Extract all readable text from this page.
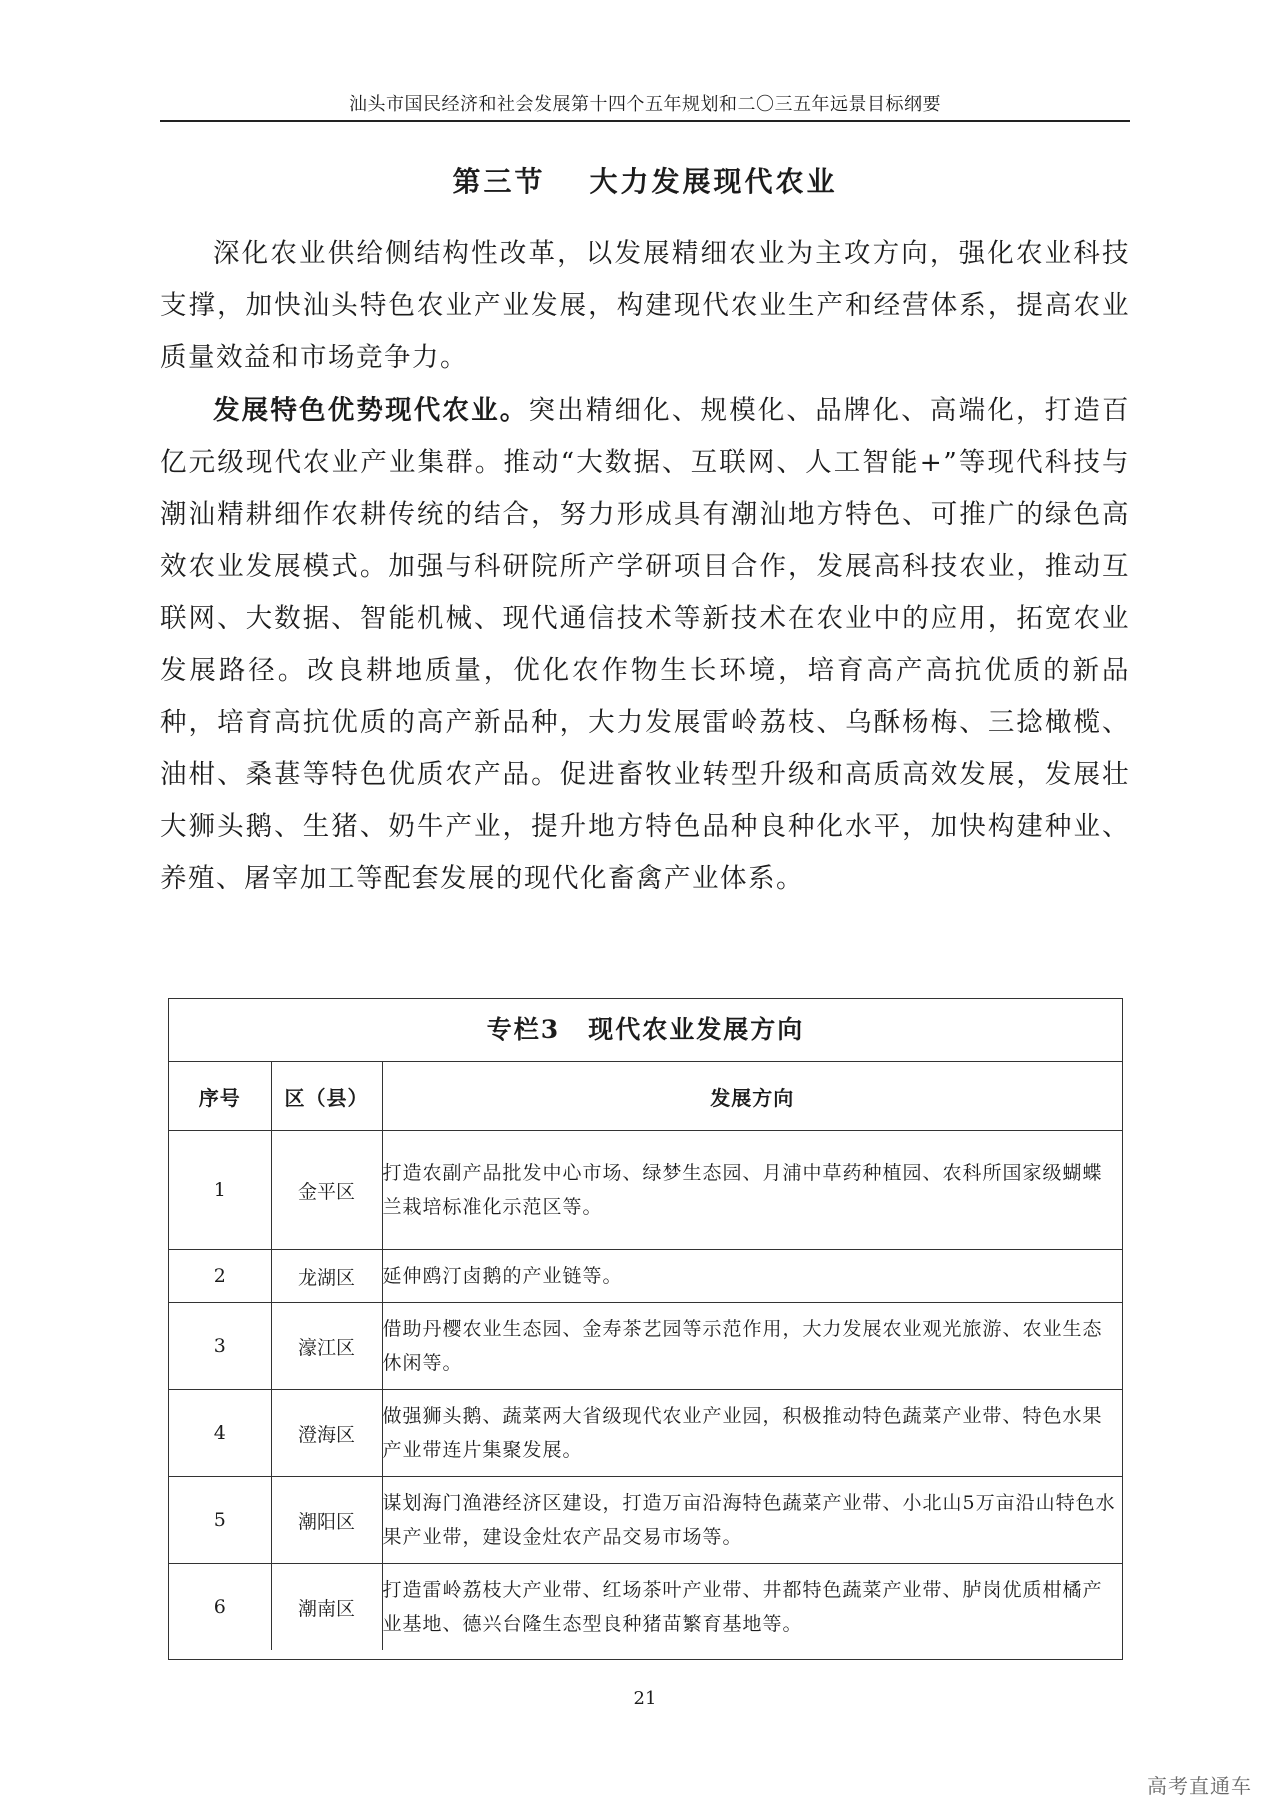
汕头市国民经济和社会发展第十四个五年规划和二〇三五年远景目标纲要
第三节 大力发展现代农业

深化农业供给侧结构性改革，以发展精细农业为主攻方向，强化农业科技支撑，加快汕头特色农业产业发展，构建现代农业生产和经营体系，提高农业质量效益和市场竞争力。

发展特色优势现代农业。突出精细化、规模化、品牌化、高端化，打造百亿元级现代农业产业集群。推动“大数据、互联网、人工智能+”等现代科技与潮汕精耕细作农耕传统的结合，努力形成具有潮汕地方特色、可推广的绿色高效农业发展模式。加强与科研院所产学研项目合作，发展高科技农业，推动互联网、大数据、智能机械、现代通信技术等新技术在农业中的应用，拓宽农业发展路径。改良耕地质量，优化农作物生长环境，培育高产高抗优质的新品种，培育高抗优质的高产新品种，大力发展雷岭荔枝、乌酥杨梅、三捻橄榄、油柑、桑葚等特色优质农产品。促进畜牧业转型升级和高质高效发展，发展壮大狮头鹅、生猪、奶牛产业，提升地方特色品种良种化水平，加快构建种业、养殖、屠宰加工等配套发展的现代化畜禽产业体系。

专栏3 现代农业发展方向
序号	区（县）	发展方向
1	金平区	打造农副产品批发中心市场、绿梦生态园、月浦中草药种植园、农科所国家级蝴蝶兰栽培标准化示范区等。
2	龙湖区	延伸鸥汀卤鹅的产业链等。
3	濠江区	借助丹樱农业生态园、金寿茶艺园等示范作用，大力发展农业观光旅游、农业生态休闲等。
4	澄海区	做强狮头鹅、蔬菜两大省级现代农业产业园，积极推动特色蔬菜产业带、特色水果产业带连片集聚发展。
5	潮阳区	谋划海门渔港经济区建设，打造万亩沿海特色蔬菜产业带、小北山5万亩沿山特色水果产业带，建设金灶农产品交易市场等。
6	潮南区	打造雷岭荔枝大产业带、红场茶叶产业带、井都特色蔬菜产业带、胪岗优质柑橘产业基地、德兴台隆生态型良种猪苗繁育基地等。
21
高考直通车
